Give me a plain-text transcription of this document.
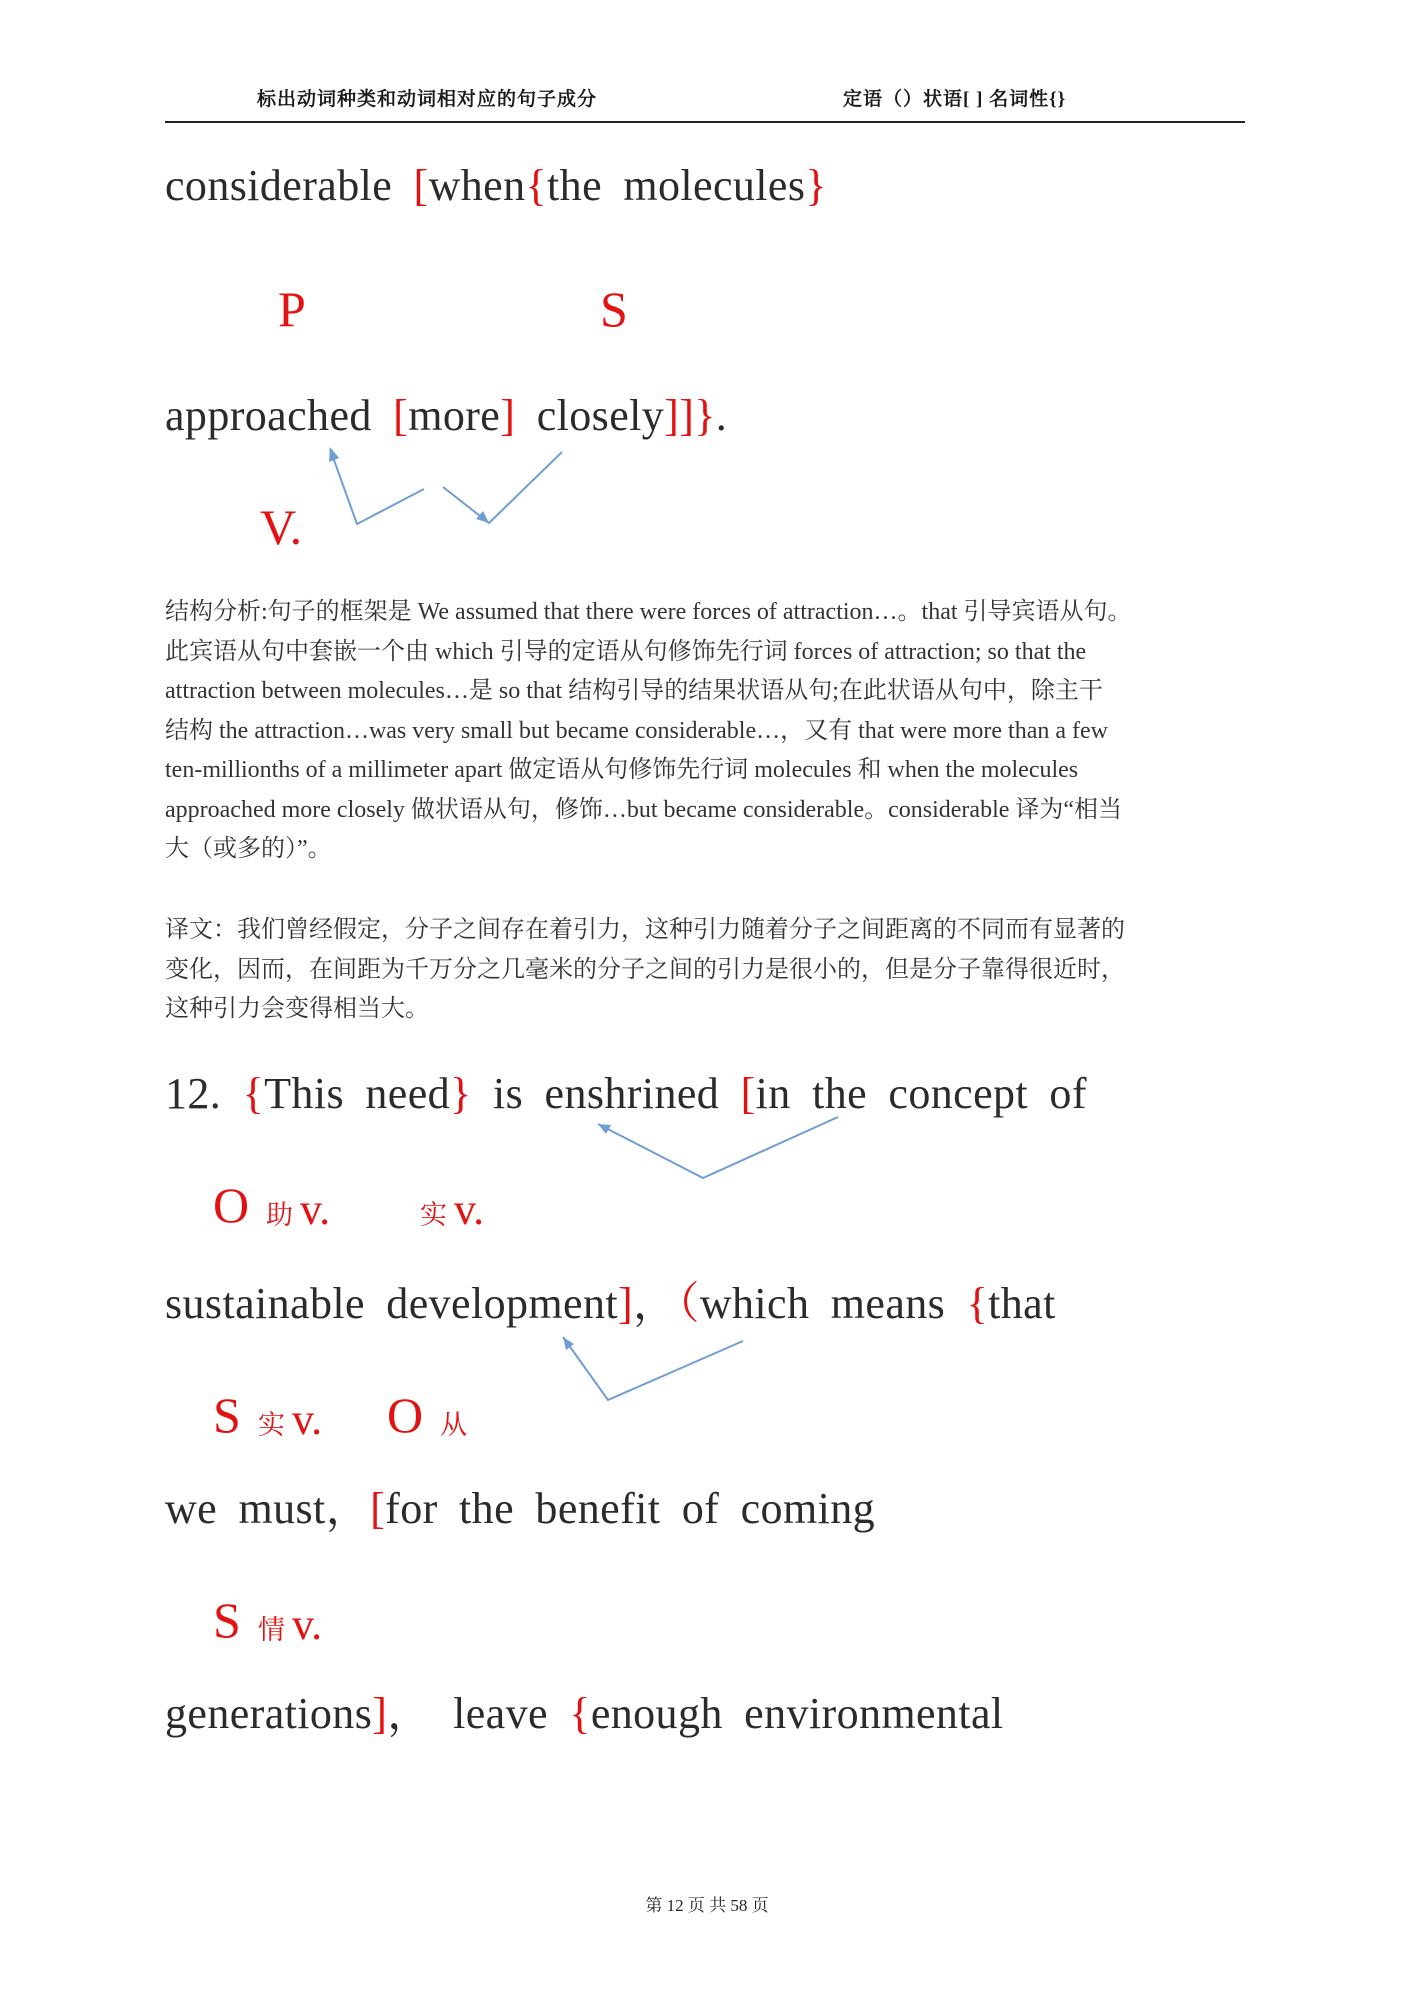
标出动词种类和动词相对应的句子成分	定语（）状语[ ] 名词性{}
considerable [when{the molecules}
P	S
approached [more] closely]]}.
V.
结构分析:句子的框架是 We assumed that there were forces of attraction…。that 引导宾语从句。
此宾语从句中套嵌一个由 which 引导的定语从句修饰先行词 forces of attraction; so that the
attraction between molecules…是 so that 结构引导的结果状语从句;在此状语从句中，除主干
结构 the attraction…was very small but became considerable…，又有 that were more than a few
ten-millionths of a millimeter apart 做定语从句修饰先行词 molecules 和 when the molecules
approached more closely 做状语从句，修饰…but became considerable。considerable 译为“相当
大（或多的）”。
译文：我们曾经假定，分子之间存在着引力，这种引力随着分子之间距离的不同而有显著的
变化，因而，在间距为千万分之几毫米的分子之间的引力是很小的，但是分子靠得很近时，
这种引力会变得相当大。
12. {This need} is enshrined [in the concept of
O 助 v.	实 v.
sustainable development]，（which means {that
S 实 v. O 从
we must，[for the benefit of coming
S 情 v.
generations]， leave {enough environmental
第 12 页 共 58 页
